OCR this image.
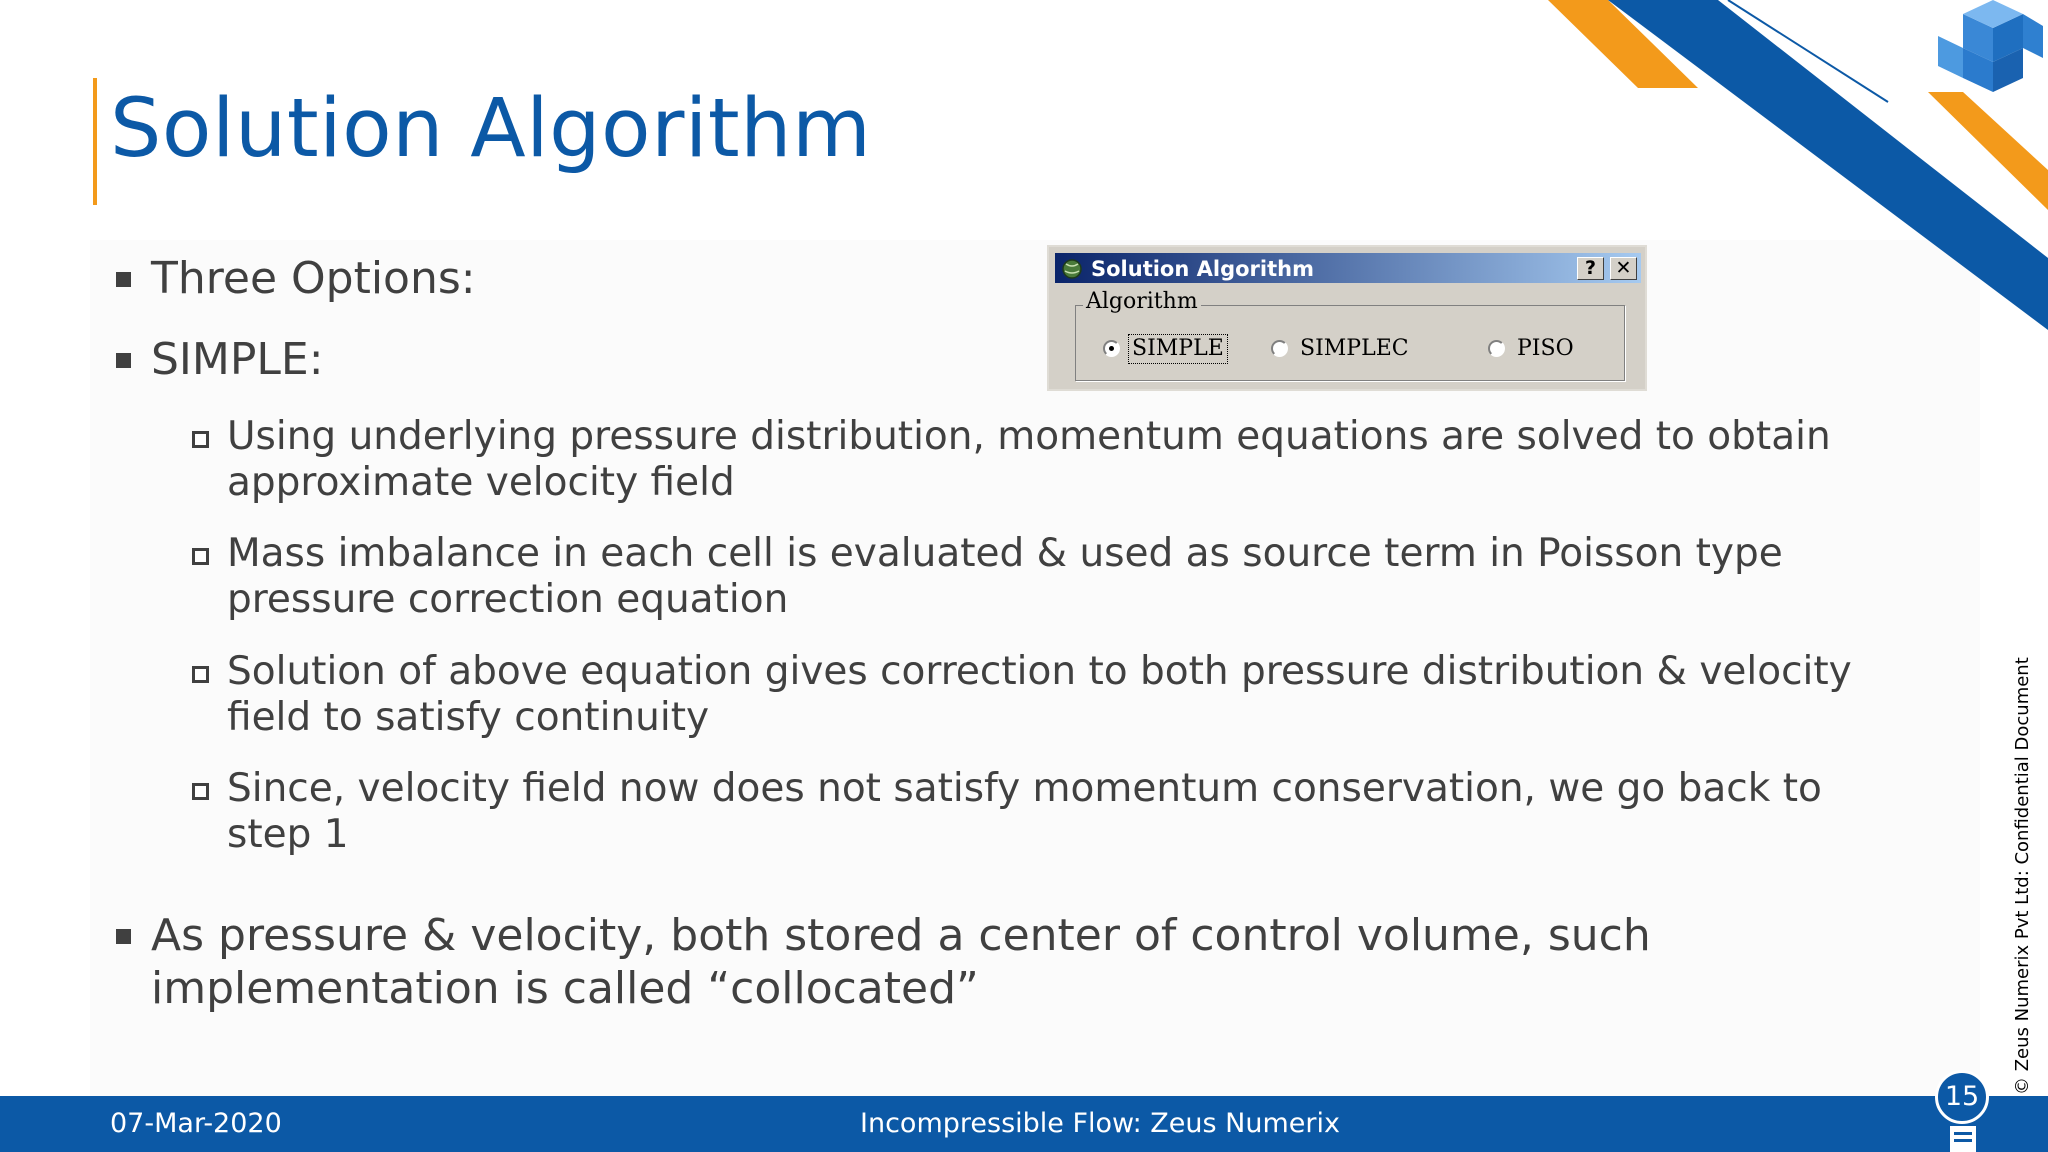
Solution Algorithm
Three Options:
SIMPLE:
Using underlying pressure distribution, momentum equations are solved to obtain approximate velocity field
Mass imbalance in each cell is evaluated & used as source term in Poisson type pressure correction equation
Solution of above equation gives correction to both pressure distribution & velocity field to satisfy continuity
Since, velocity field now does not satisfy momentum conservation, we go back to step 1
As pressure & velocity, both stored a center of control volume, such implementation is called “collocated”
Solution Algorithm	?	✕
Algorithm
SIMPLE	SIMPLEC	PISO
© Zeus Numerix Pvt Ltd: Confidential Document
07-Mar-2020	Incompressible Flow: Zeus Numerix
15
